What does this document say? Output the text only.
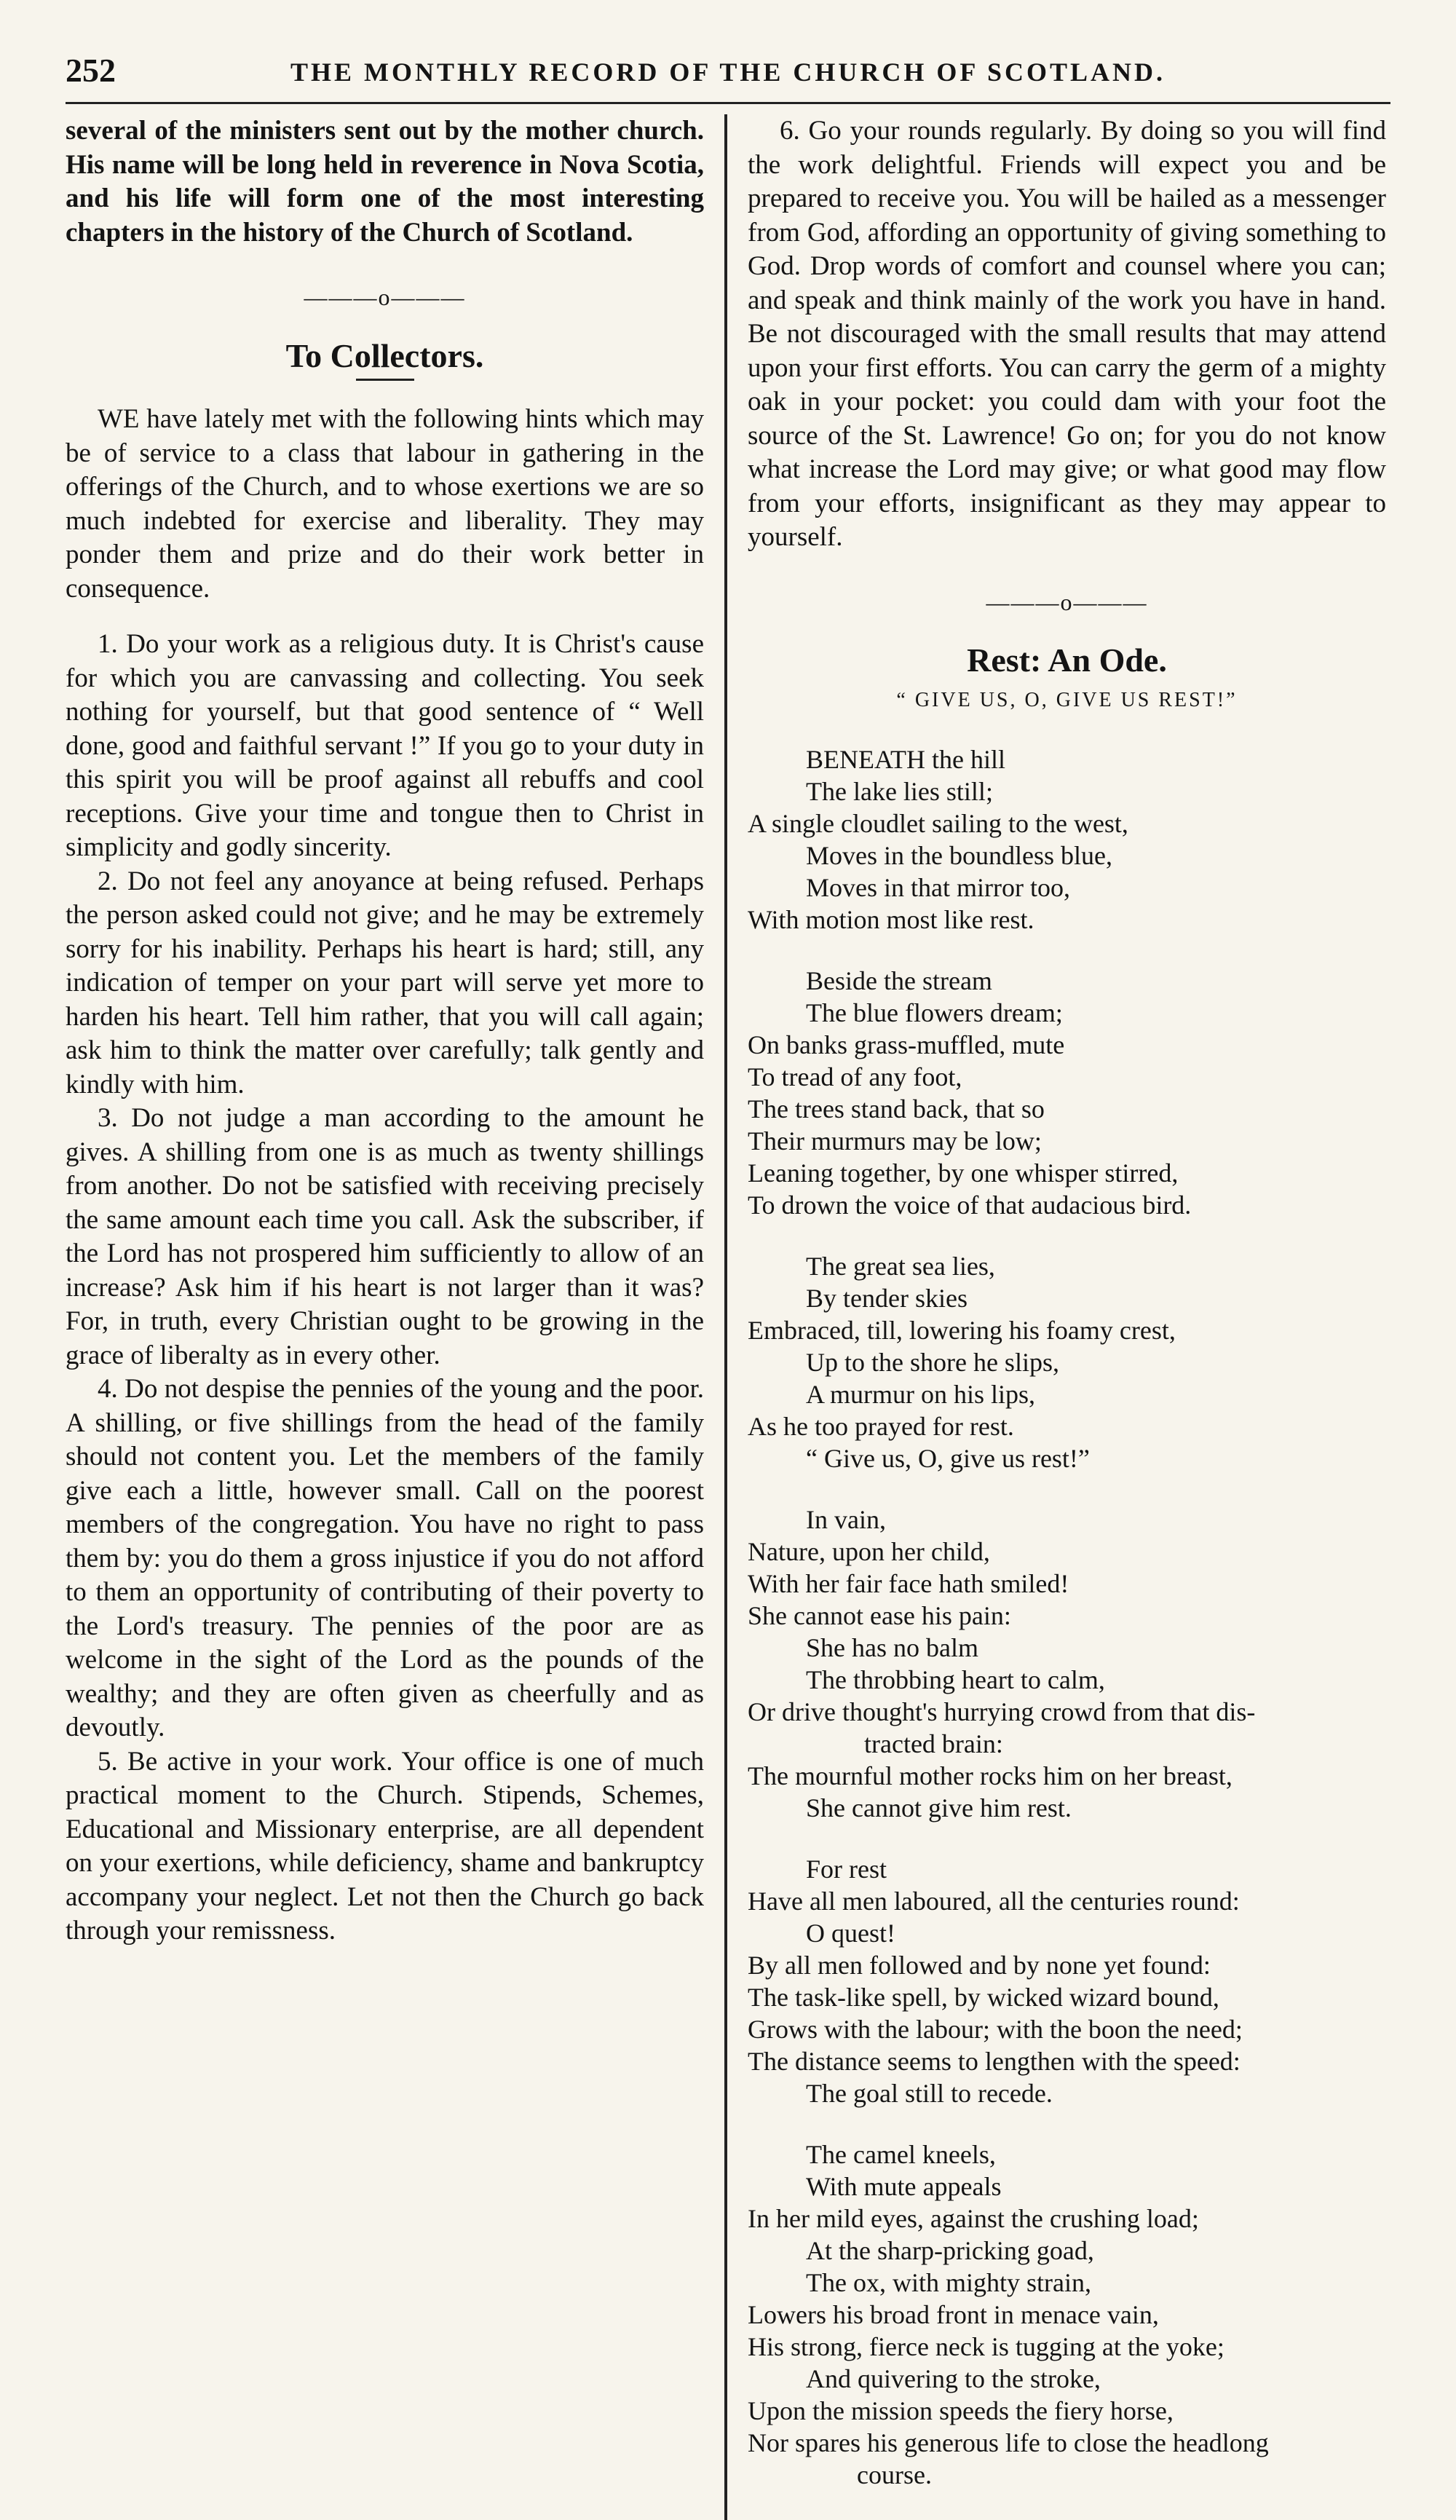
252	THE MONTHLY RECORD OF THE CHURCH OF SCOTLAND.

several of the ministers sent out by the mother church. His name will be long held in reverence in Nova Scotia, and his life will form one of the most interesting chapters in the history of the Church of Scotland.

———o———
To Collectors.

WE have lately met with the following hints which may be of service to a class that labour in gathering in the offerings of the Church, and to whose exertions we are so much indebted for exercise and liberality. They may ponder them and prize and do their work better in consequence.

1. Do your work as a religious duty. It is Christ's cause for which you are canvassing and collecting. You seek nothing for yourself, but that good sentence of “ Well done, good and faithful servant !” If you go to your duty in this spirit you will be proof against all rebuffs and cool receptions. Give your time and tongue then to Christ in simplicity and godly sincerity.

2. Do not feel any anoyance at being refused. Perhaps the person asked could not give; and he may be extremely sorry for his inability. Perhaps his heart is hard; still, any indication of temper on your part will serve yet more to harden his heart. Tell him rather, that you will call again; ask him to think the matter over carefully; talk gently and kindly with him.

3. Do not judge a man according to the amount he gives. A shilling from one is as much as twenty shillings from another. Do not be satisfied with receiving precisely the same amount each time you call. Ask the subscriber, if the Lord has not prospered him sufficiently to allow of an increase? Ask him if his heart is not larger than it was? For, in truth, every Christian ought to be growing in the grace of liberalty as in every other.

4. Do not despise the pennies of the young and the poor. A shilling, or five shillings from the head of the family should not content you. Let the members of the family give each a little, however small. Call on the poorest members of the congregation. You have no right to pass them by: you do them a gross injustice if you do not afford to them an opportunity of contributing of their poverty to the Lord's treasury. The pennies of the poor are as welcome in the sight of the Lord as the pounds of the wealthy; and they are often given as cheerfully and as devoutly.

5. Be active in your work. Your office is one of much practical moment to the Church. Stipends, Schemes, Educational and Missionary enterprise, are all dependent on your exertions, while deficiency, shame and bankruptcy accompany your neglect. Let not then the Church go back through your remissness.

6. Go your rounds regularly. By doing so you will find the work delightful. Friends will expect you and be prepared to receive you. You will be hailed as a messenger from God, affording an opportunity of giving something to God. Drop words of comfort and counsel where you can; and speak and think mainly of the work you have in hand. Be not discouraged with the small results that may attend upon your first efforts. You can carry the germ of a mighty oak in your pocket: you could dam with your foot the source of the St. Lawrence! Go on; for you do not know what increase the Lord may give; or what good may flow from your efforts, insignificant as they may appear to yourself.

———o———
Rest: An Ode.
“ GIVE US, O, GIVE US REST!”
BENEATH the hill
The lake lies still;
A single cloudlet sailing to the west,
Moves in the boundless blue,
Moves in that mirror too,
With motion most like rest.
Beside the stream
The blue flowers dream;
On banks grass-muffled, mute
To tread of any foot,
The trees stand back, that so
Their murmurs may be low;
Leaning together, by one whisper stirred,
To drown the voice of that audacious bird.
The great sea lies,
By tender skies
Embraced, till, lowering his foamy crest,
Up to the shore he slips,
A murmur on his lips,
As he too prayed for rest.
“ Give us, O, give us rest!”
In vain,
Nature, upon her child,
With her fair face hath smiled!
She cannot ease his pain:
She has no balm
The throbbing heart to calm,
Or drive thought's hurrying crowd from that dis-
tracted brain:
The mournful mother rocks him on her breast,
She cannot give him rest.
For rest
Have all men laboured, all the centuries round:
O quest!
By all men followed and by none yet found:
The task-like spell, by wicked wizard bound,
Grows with the labour; with the boon the need;
The distance seems to lengthen with the speed:
The goal still to recede.
The camel kneels,
With mute appeals
In her mild eyes, against the crushing load;
At the sharp-pricking goad,
The ox, with mighty strain,
Lowers his broad front in menace vain,
His strong, fierce neck is tugging at the yoke;
And quivering to the stroke,
Upon the mission speeds the fiery horse,
Nor spares his generous life to close the headlong
course.
